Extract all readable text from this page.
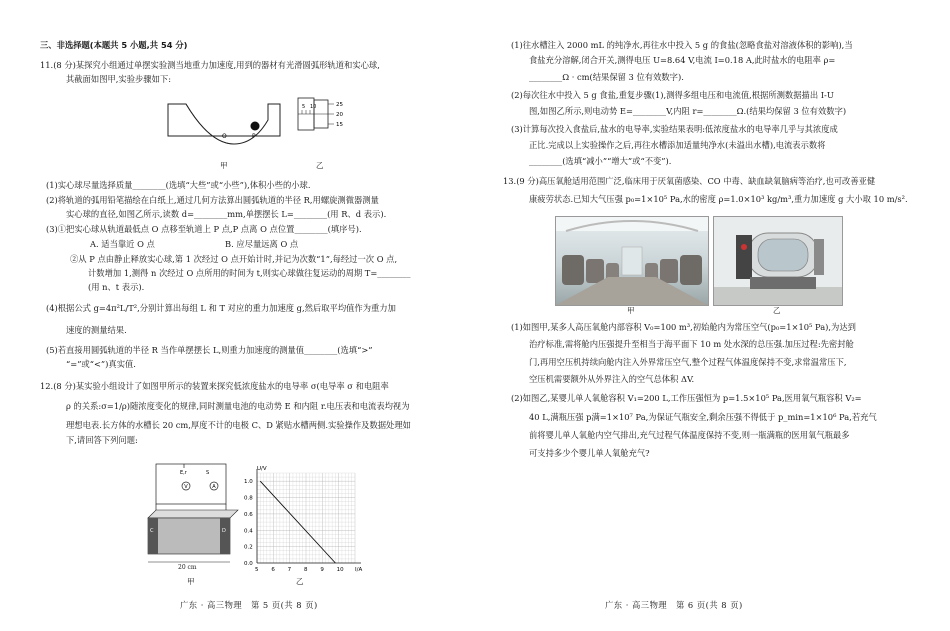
三、非选择题(本题共 5 小题,共 54 分)
11.(8 分)某探究小组通过单摆实验测当地重力加速度,用到的器材有光滑圆弧形轨道和实心球,
其截面如图甲,实验步骤如下:
O	P
25
20
15
5 10
甲	乙
(1)实心球尽量选择质量________(选填“大些”或“小些”),体积小些的小球.
(2)将轨道的弧用铅笔描绘在白纸上,通过几何方法算出圆弧轨道的半径 R,用螺旋测微器测量
实心球的直径,如图乙所示,读数 d=________mm,单摆摆长 L=________(用 R、d 表示).
(3)①把实心球从轨道最低点 O 点移至轨道上 P 点,P 点离 O 点位置________(填序号).
A. 适当靠近 O 点	B. 应尽量远离 O 点
②从 P 点由静止释放实心球,第 1 次经过 O 点开始计时,并记为次数“1”,每经过一次 O 点,
计数增加 1,测得 n 次经过 O 点所用的时间为 t,则实心球做往复运动的周期 T=________
(用 n、t 表示).
(4)根据公式 g=4π²L/T²,分别计算出每组 L 和 T 对应的重力加速度 g,然后取平均值作为重力加
速度的测量结果.
(5)若直接用圆弧轨道的半径 R 当作单摆摆长 L,则重力加速度的测量值________(选填“>”
“=”或“<”)真实值.
12.(8 分)某实验小组设计了如图甲所示的装置来探究低浓度盐水的电导率 σ(电导率 σ 和电阻率
ρ 的关系:σ=1/ρ)随浓度变化的规律,同时测量电池的电动势 E 和内阻 r.电压表和电流表均视为
理想电表.长方体的水槽长 20 cm,厚度不计的电极 C、D 紧贴水槽两侧.实验操作及数据处理如
下,请回答下列问题:
E,r	S
V	A
C	D
20 cm
甲
5 6 7 8 9 10
0.0
0.2
0.4
0.6
0.8
1.0
U/V
I/A
乙
广东 · 高三物理　第 5 页(共 8 页)
(1)往水槽注入 2000 mL 的纯净水,再往水中投入 5 g 的食盐(忽略食盐对溶液体积的影响),当
食盐充分溶解,闭合开关,测得电压 U=8.64 V,电流 I=0.18 A,此时盐水的电阻率 ρ=
________Ω · cm(结果保留 3 位有效数字).
(2)每次往水中投入 5 g 食盐,重复步骤(1),测得多组电压和电流值,根据所测数据描出 I-U
图,如图乙所示,则电动势 E=________V,内阻 r=________Ω.(结果均保留 3 位有效数字)
(3)计算每次投入食盐后,盐水的电导率,实验结果表明:低浓度盐水的电导率几乎与其浓度成
正比.完成以上实验操作之后,再往水槽添加适量纯净水(未溢出水槽),电流表示数将
________(选填“减小”“增大”或“不变”).
13.(9 分)高压氧舱适用范围广泛,临床用于厌氧菌感染、CO 中毒、缺血缺氧脑病等治疗,也可改善亚健
康疲劳状态.已知大气压强 p₀=1×10⁵ Pa,水的密度 ρ=1.0×10³ kg/m³,重力加速度 g 大小取 10 m/s².
甲	乙
(1)如图甲,某多人高压氧舱内部容积 V₀=100 m³,初始舱内为常压空气(p₀=1×10⁵ Pa),为达到
治疗标准,需将舱内压强提升至相当于海平面下 10 m 处水深的总压强.加压过程:先密封舱
门,再用空压机持续向舱内注入外界常压空气,整个过程气体温度保持不变,求常温常压下,
空压机需要额外从外界注入的空气总体积 ΔV.
(2)如图乙,某婴儿单人氧舱容积 V₁=200 L,工作压强恒为 p=1.5×10⁵ Pa,医用氧气瓶容积 V₂=
40 L,满瓶压强 p满=1×10⁷ Pa,为保证气瓶安全,剩余压强不得低于 p_min=1×10⁶ Pa,若充气
前将婴儿单人氧舱内空气排出,充气过程气体温度保持不变,则一瓶满瓶的医用氧气瓶最多
可支持多少个婴儿单人氧舱充气?
广东 · 高三物理　第 6 页(共 8 页)
